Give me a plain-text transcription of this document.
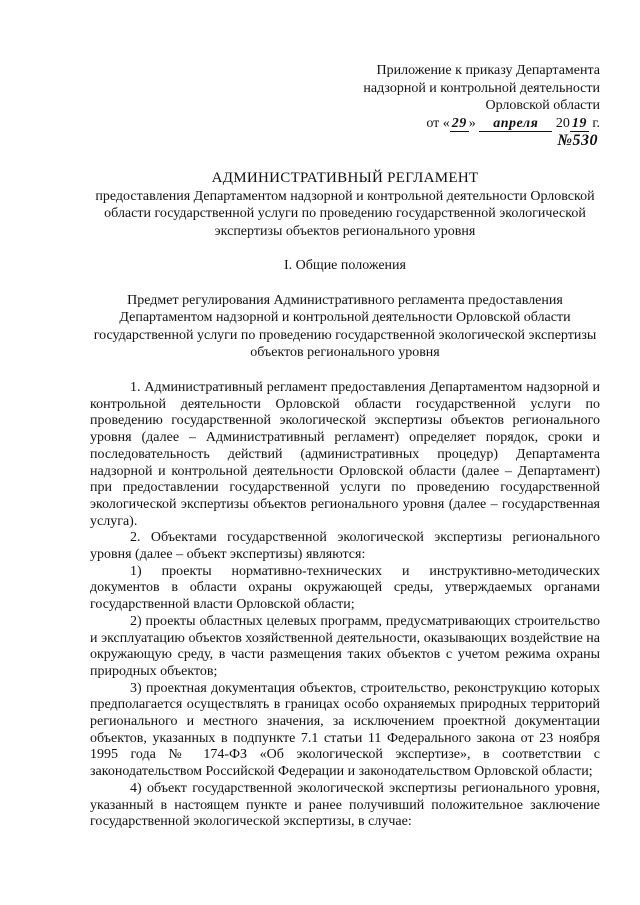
Приложение к приказу Департамента
надзорной и контрольной деятельности
Орловской области
от « 29 » апреля 20 19 г.
№530
АДМИНИСТРАТИВНЫЙ РЕГЛАМЕНТ
предоставления Департаментом надзорной и контрольной деятельности Орловской области государственной услуги по проведению государственной экологической экспертизы объектов регионального уровня
I. Общие положения
Предмет регулирования Административного регламента предоставления Департаментом надзорной и контрольной деятельности Орловской области государственной услуги по проведению государственной экологической экспертизы объектов регионального уровня

1. Административный регламент предоставления Департаментом надзорной и контрольной деятельности Орловской области государственной услуги по проведению государственной экологической экспертизы объектов регионального уровня (далее – Административный регламент) определяет порядок, сроки и последовательность действий (административных процедур) Департамента надзорной и контрольной деятельности Орловской области (далее – Департамент) при предоставлении государственной услуги по проведению государственной экологической экспертизы объектов регионального уровня (далее – государственная услуга).

2. Объектами государственной экологической экспертизы регионального уровня (далее – объект экспертизы) являются:

1) проекты нормативно-технических и инструктивно-методических документов в области охраны окружающей среды, утверждаемых органами государственной власти Орловской области;

2) проекты областных целевых программ, предусматривающих строительство и эксплуатацию объектов хозяйственной деятельности, оказывающих воздействие на окружающую среду, в части размещения таких объектов с учетом режима охраны природных объектов;

3) проектная документация объектов, строительство, реконструкцию которых предполагается осуществлять в границах особо охраняемых природных территорий регионального и местного значения, за исключением проектной документации объектов, указанных в подпункте 7.1 статьи 11 Федерального закона от 23 ноября 1995 года № 174-ФЗ «Об экологической экспертизе», в соответствии с законодательством Российской Федерации и законодательством Орловской области;

4) объект государственной экологической экспертизы регионального уровня, указанный в настоящем пункте и ранее получивший положительное заключение государственной экологической экспертизы, в случае:
